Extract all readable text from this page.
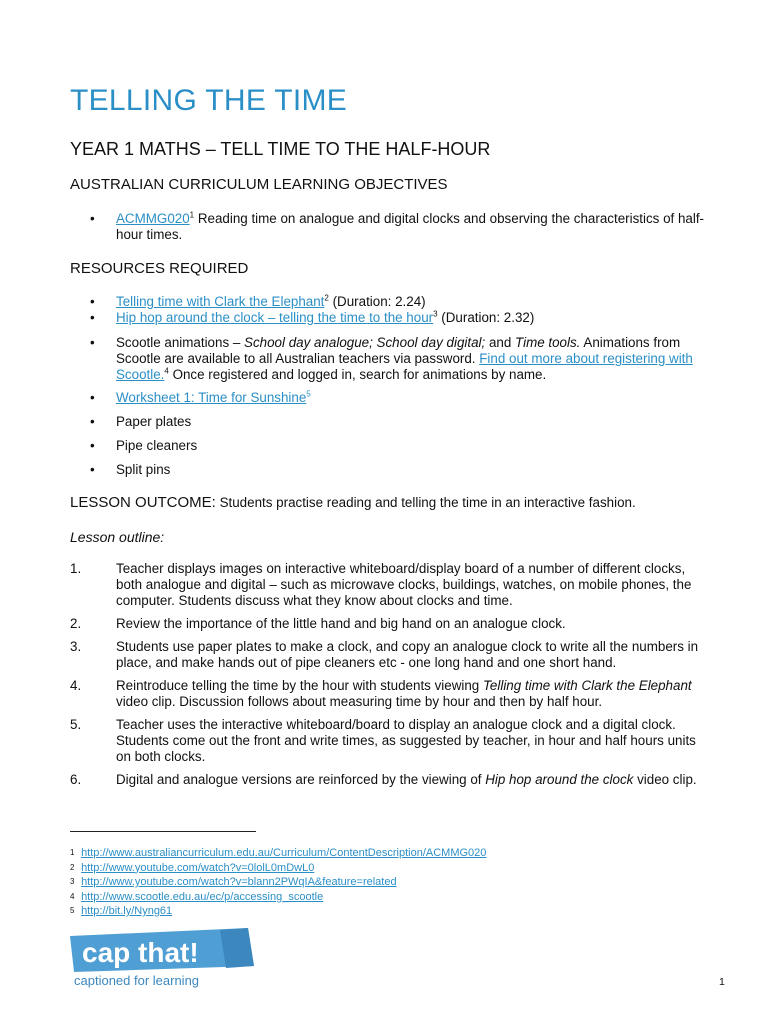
TELLING THE TIME
YEAR 1 MATHS – TELL TIME TO THE HALF-HOUR
AUSTRALIAN CURRICULUM LEARNING OBJECTIVES
• $ACMMG020^1$ Reading time on analogue and digital clocks and observing the characteristics of half-hour times.
RESOURCES REQUIRED
• Telling time with Clark the Elephant$^2$ (Duration: 2.24)
• Hip hop around the clock – telling the time to the hour$^3$ (Duration: 2.32)
• Scootle animations – School day analogue; School day digital; and Time tools. Animations from Scootle are available to all Australian teachers via password. Find out more about registering with Scootle.$^4$ Once registered and logged in, search for animations by name.
• Worksheet 1: Time for Sunshine$^5$
• Paper plates
• Pipe cleaners
• Split pins

LESSON OUTCOME: Students practise reading and telling the time in an interactive fashion.

Lesson outline:

1.	Teacher displays images on interactive whiteboard/display board of a number of different clocks, both analogue and digital – such as microwave clocks, buildings, watches, on mobile phones, the computer. Students discuss what they know about clocks and time.
2.	Review the importance of the little hand and big hand on an analogue clock.
3.	Students use paper plates to make a clock, and copy an analogue clock to write all the numbers in place, and make hands out of pipe cleaners etc - one long hand and one short hand.
4.	Reintroduce telling the time by the hour with students viewing Telling time with Clark the Elephant video clip. Discussion follows about measuring time by hour and then by half hour.
5.	Teacher uses the interactive whiteboard/board to display an analogue clock and a digital clock. Students come out the front and write times, as suggested by teacher, in hour and half hours units on both clocks.
6.	Digital and analogue versions are reinforced by the viewing of Hip hop around the clock video clip.
1 http://www.australiancurriculum.edu.au/Curriculum/ContentDescription/ACMMG020
2 http://www.youtube.com/watch?v=0lolL0mDwL0
3 http://www.youtube.com/watch?v=blann2PWqIA&feature=related
4 http://www.scootle.edu.au/ec/p/accessing_scootle
5 http://bit.ly/Nyng61
cap that!
captioned for learning	1
